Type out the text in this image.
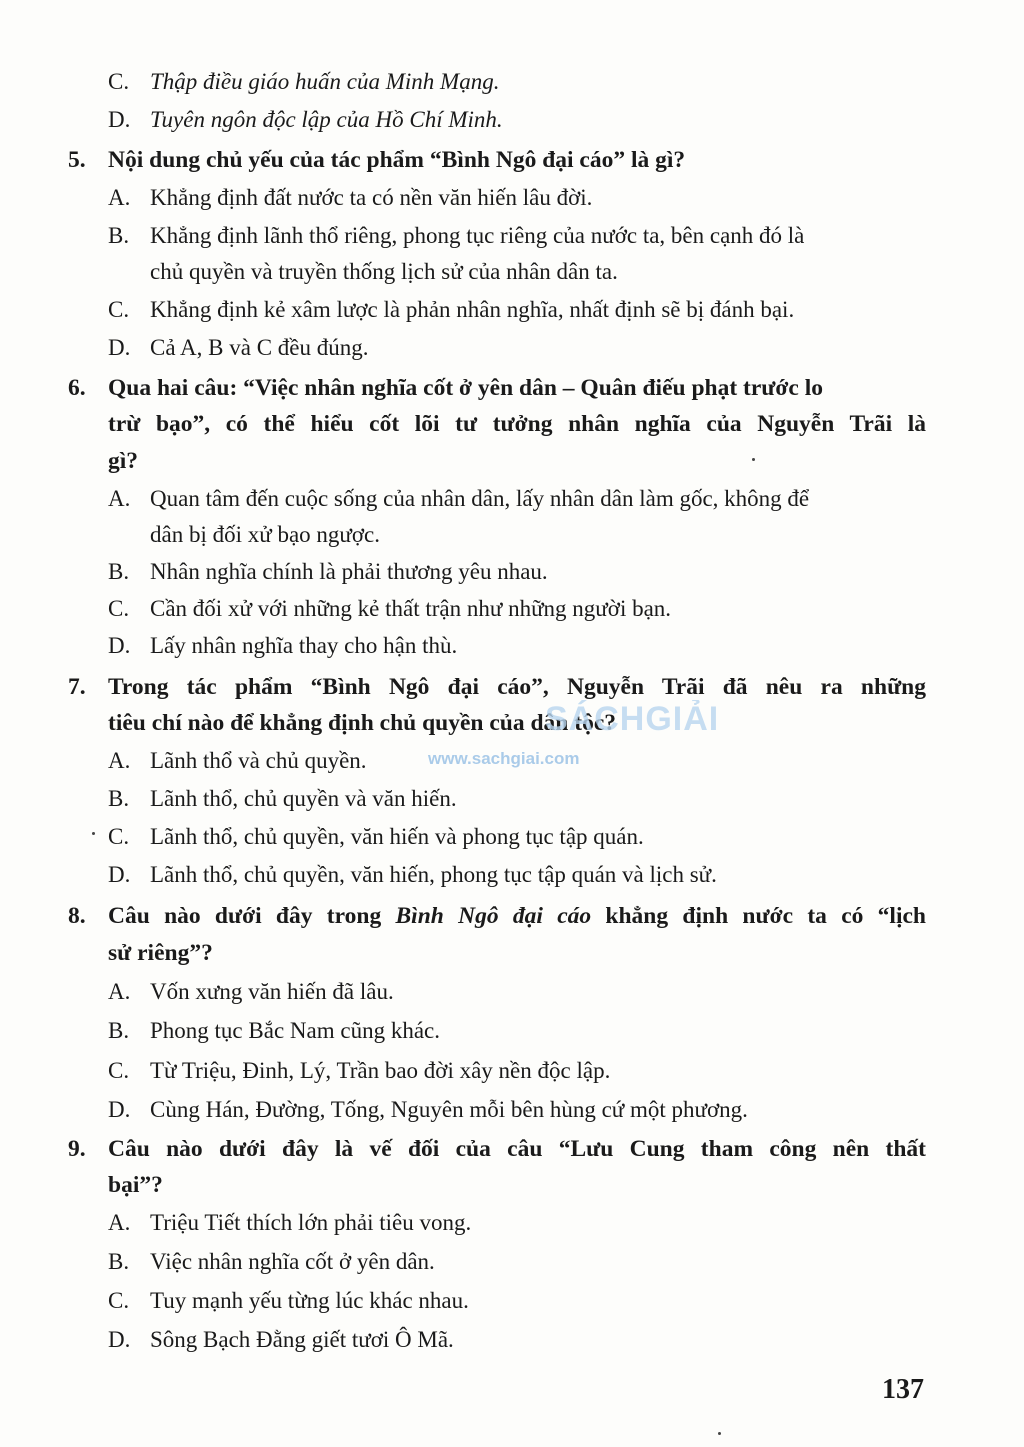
C. Thập điều giáo huấn của Minh Mạng.
D. Tuyên ngôn độc lập của Hồ Chí Minh.
5. Nội dung chủ yếu của tác phẩm “Bình Ngô đại cáo” là gì?
A. Khẳng định đất nước ta có nền văn hiến lâu đời.
B. Khẳng định lãnh thổ riêng, phong tục riêng của nước ta, bên cạnh đó là
chủ quyền và truyền thống lịch sử của nhân dân ta.
C. Khẳng định kẻ xâm lược là phản nhân nghĩa, nhất định sẽ bị đánh bại.
D. Cả A, B và C đều đúng.
6. Qua hai câu: “Việc nhân nghĩa cốt ở yên dân – Quân điếu phạt trước lo
trừ bạo”, có thể hiểu cốt lõi tư tưởng nhân nghĩa của Nguyễn Trãi là
gì?
A. Quan tâm đến cuộc sống của nhân dân, lấy nhân dân làm gốc, không để
dân bị đối xử bạo ngược.
B. Nhân nghĩa chính là phải thương yêu nhau.
C. Cần đối xử với những kẻ thất trận như những người bạn.
D. Lấy nhân nghĩa thay cho hận thù.
7. Trong tác phẩm “Bình Ngô đại cáo”, Nguyễn Trãi đã nêu ra những
tiêu chí nào để khẳng định chủ quyền của dân tộc?
A. Lãnh thổ và chủ quyền.
B. Lãnh thổ, chủ quyền và văn hiến.
C. Lãnh thổ, chủ quyền, văn hiến và phong tục tập quán.
D. Lãnh thổ, chủ quyền, văn hiến, phong tục tập quán và lịch sử.
8. Câu nào dưới đây trong Bình Ngô đại cáo khẳng định nước ta có “lịch
sử riêng”?
A. Vốn xưng văn hiến đã lâu.
B. Phong tục Bắc Nam cũng khác.
C. Từ Triệu, Đinh, Lý, Trần bao đời xây nền độc lập.
D. Cùng Hán, Đường, Tống, Nguyên mỗi bên hùng cứ một phương.
9. Câu nào dưới đây là vế đối của câu “Lưu Cung tham công nên thất
bại”?
A. Triệu Tiết thích lớn phải tiêu vong.
B. Việc nhân nghĩa cốt ở yên dân.
C. Tuy mạnh yếu từng lúc khác nhau.
D. Sông Bạch Đằng giết tươi Ô Mã.
SÁCHGIẢI
www.sachgiai.com
137
